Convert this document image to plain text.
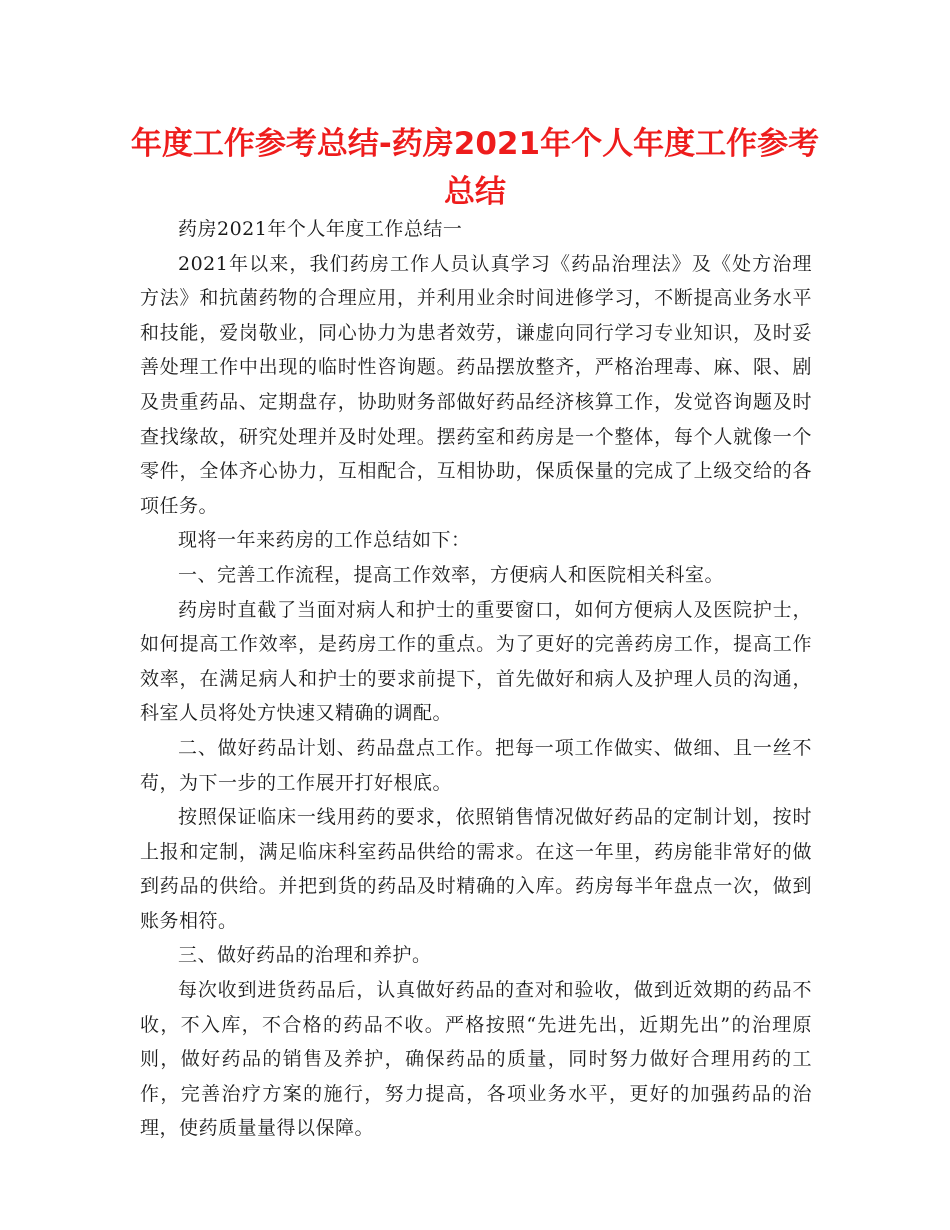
年度工作参考总结-药房2021年个人年度工作参考总结

药房2021年个人年度工作总结一

2021年以来，我们药房工作人员认真学习《药品治理法》及《处方治理方法》和抗菌药物的合理应用，并利用业余时间进修学习，不断提高业务水平和技能，爱岗敬业，同心协力为患者效劳，谦虚向同行学习专业知识，及时妥善处理工作中出现的临时性咨询题。药品摆放整齐，严格治理毒、麻、限、剧及贵重药品、定期盘存，协助财务部做好药品经济核算工作，发觉咨询题及时查找缘故，研究处理并及时处理。摆药室和药房是一个整体，每个人就像一个零件，全体齐心协力，互相配合，互相协助，保质保量的完成了上级交给的各项任务。

现将一年来药房的工作总结如下：

一、完善工作流程，提高工作效率，方便病人和医院相关科室。

药房时直截了当面对病人和护士的重要窗口，如何方便病人及医院护士，如何提高工作效率，是药房工作的重点。为了更好的完善药房工作，提高工作效率，在满足病人和护士的要求前提下，首先做好和病人及护理人员的沟通，科室人员将处方快速又精确的调配。

二、做好药品计划、药品盘点工作。把每一项工作做实、做细、且一丝不苟，为下一步的工作展开打好根底。

按照保证临床一线用药的要求，依照销售情况做好药品的定制计划，按时上报和定制，满足临床科室药品供给的需求。在这一年里，药房能非常好的做到药品的供给。并把到货的药品及时精确的入库。药房每半年盘点一次，做到账务相符。

三、做好药品的治理和养护。

每次收到进货药品后，认真做好药品的查对和验收，做到近效期的药品不收，不入库，不合格的药品不收。严格按照“先进先出，近期先出”的治理原则，做好药品的销售及养护，确保药品的质量，同时努力做好合理用药的工作，完善治疗方案的施行，努力提高，各项业务水平，更好的加强药品的治理，使药质量量得以保障。
